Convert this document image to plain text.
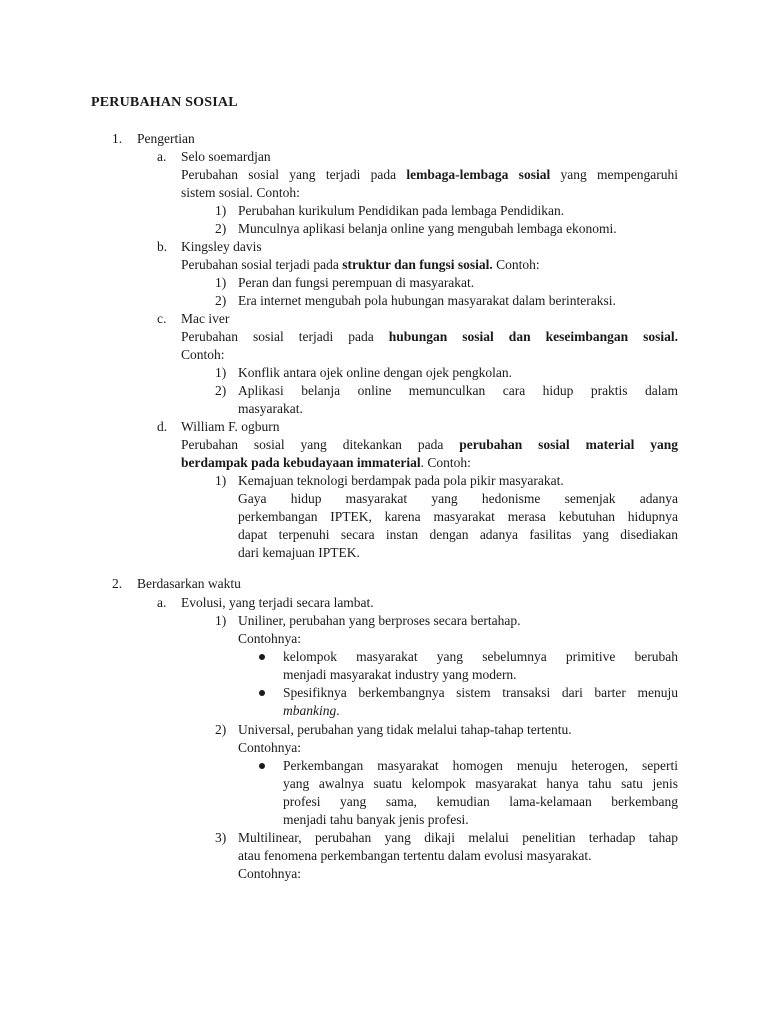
PERUBAHAN SOSIAL
1. Pengertian
a. Selo soemardjan
Perubahan sosial yang terjadi pada lembaga-lembaga sosial yang mempengaruhi
sistem sosial. Contoh:
1) Perubahan kurikulum Pendidikan pada lembaga Pendidikan.
2) Munculnya aplikasi belanja online yang mengubah lembaga ekonomi.
b. Kingsley davis
Perubahan sosial terjadi pada struktur dan fungsi sosial. Contoh:
1) Peran dan fungsi perempuan di masyarakat.
2) Era internet mengubah pola hubungan masyarakat dalam berinteraksi.
c. Mac iver
Perubahan sosial terjadi pada hubungan sosial dan keseimbangan sosial.
Contoh:
1) Konflik antara ojek online dengan ojek pengkolan.
2) Aplikasi belanja online memunculkan cara hidup praktis dalam
masyarakat.
d. William F. ogburn
Perubahan sosial yang ditekankan pada perubahan sosial material yang
berdampak pada kebudayaan immaterial. Contoh:
1) Kemajuan teknologi berdampak pada pola pikir masyarakat.
Gaya hidup masyarakat yang hedonisme semenjak adanya
perkembangan IPTEK, karena masyarakat merasa kebutuhan hidupnya
dapat terpenuhi secara instan dengan adanya fasilitas yang disediakan
dari kemajuan IPTEK.
2. Berdasarkan waktu
a. Evolusi, yang terjadi secara lambat.
1) Uniliner, perubahan yang berproses secara bertahap.
Contohnya:
kelompok masyarakat yang sebelumnya primitive berubah
menjadi masyarakat industry yang modern.
Spesifiknya berkembangnya sistem transaksi dari barter menuju
mbanking.
2) Universal, perubahan yang tidak melalui tahap-tahap tertentu.
Contohnya:
Perkembangan masyarakat homogen menuju heterogen, seperti
yang awalnya suatu kelompok masyarakat hanya tahu satu jenis
profesi yang sama, kemudian lama-kelamaan berkembang
menjadi tahu banyak jenis profesi.
3) Multilinear, perubahan yang dikaji melalui penelitian terhadap tahap
atau fenomena perkembangan tertentu dalam evolusi masyarakat.
Contohnya:
